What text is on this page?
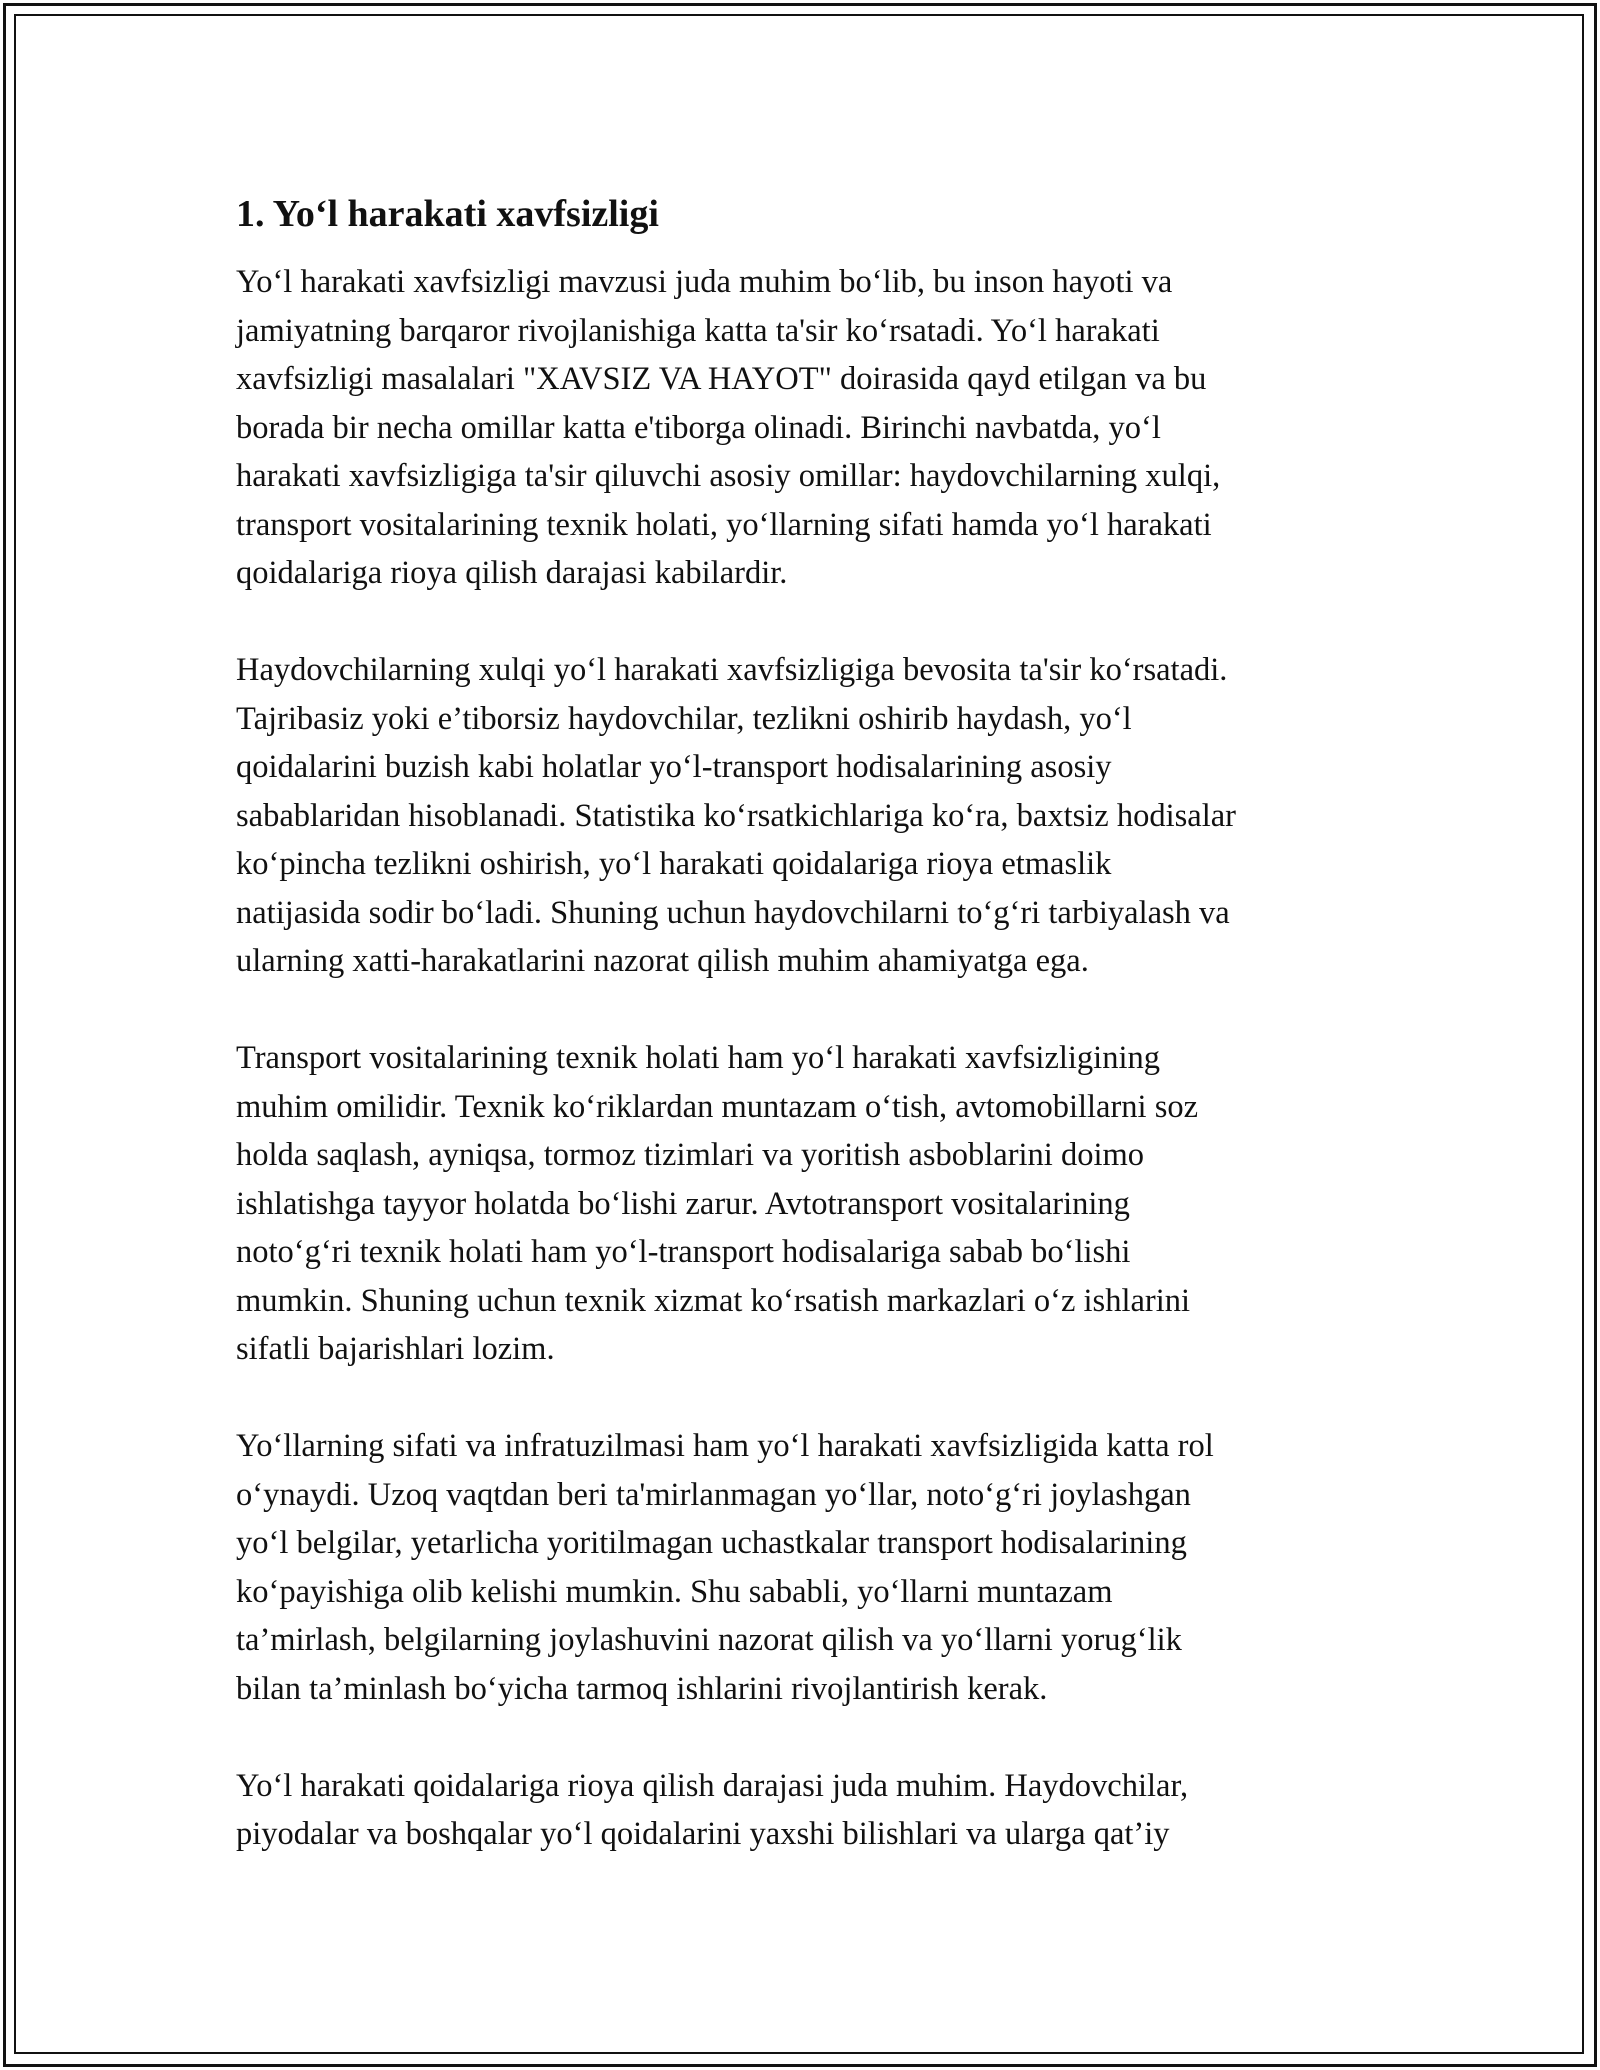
1. Yo‘l harakati xavfsizligi

Yo‘l harakati xavfsizligi mavzusi juda muhim bo‘lib, bu inson hayoti va
jamiyatning barqaror rivojlanishiga katta ta'sir ko‘rsatadi. Yo‘l harakati
xavfsizligi masalalari "XAVSIZ VA HAYOT" doirasida qayd etilgan va bu
borada bir necha omillar katta e'tiborga olinadi. Birinchi navbatda, yo‘l
harakati xavfsizligiga ta'sir qiluvchi asosiy omillar: haydovchilarning xulqi,
transport vositalarining texnik holati, yo‘llarning sifati hamda yo‘l harakati
qoidalariga rioya qilish darajasi kabilardir.

Haydovchilarning xulqi yo‘l harakati xavfsizligiga bevosita ta'sir ko‘rsatadi.
Tajribasiz yoki e’tiborsiz haydovchilar, tezlikni oshirib haydash, yo‘l
qoidalarini buzish kabi holatlar yo‘l-transport hodisalarining asosiy
sabablaridan hisoblanadi. Statistika ko‘rsatkichlariga ko‘ra, baxtsiz hodisalar
ko‘pincha tezlikni oshirish, yo‘l harakati qoidalariga rioya etmaslik
natijasida sodir bo‘ladi. Shuning uchun haydovchilarni to‘g‘ri tarbiyalash va
ularning xatti-harakatlarini nazorat qilish muhim ahamiyatga ega.

Transport vositalarining texnik holati ham yo‘l harakati xavfsizligining
muhim omilidir. Texnik ko‘riklardan muntazam o‘tish, avtomobillarni soz
holda saqlash, ayniqsa, tormoz tizimlari va yoritish asboblarini doimo
ishlatishga tayyor holatda bo‘lishi zarur. Avtotransport vositalarining
noto‘g‘ri texnik holati ham yo‘l-transport hodisalariga sabab bo‘lishi
mumkin. Shuning uchun texnik xizmat ko‘rsatish markazlari o‘z ishlarini
sifatli bajarishlari lozim.

Yo‘llarning sifati va infratuzilmasi ham yo‘l harakati xavfsizligida katta rol
o‘ynaydi. Uzoq vaqtdan beri ta'mirlanmagan yo‘llar, noto‘g‘ri joylashgan
yo‘l belgilar, yetarlicha yoritilmagan uchastkalar transport hodisalarining
ko‘payishiga olib kelishi mumkin. Shu sababli, yo‘llarni muntazam
ta’mirlash, belgilarning joylashuvini nazorat qilish va yo‘llarni yorug‘lik
bilan ta’minlash bo‘yicha tarmoq ishlarini rivojlantirish kerak.

Yo‘l harakati qoidalariga rioya qilish darajasi juda muhim. Haydovchilar,
piyodalar va boshqalar yo‘l qoidalarini yaxshi bilishlari va ularga qat’iy
